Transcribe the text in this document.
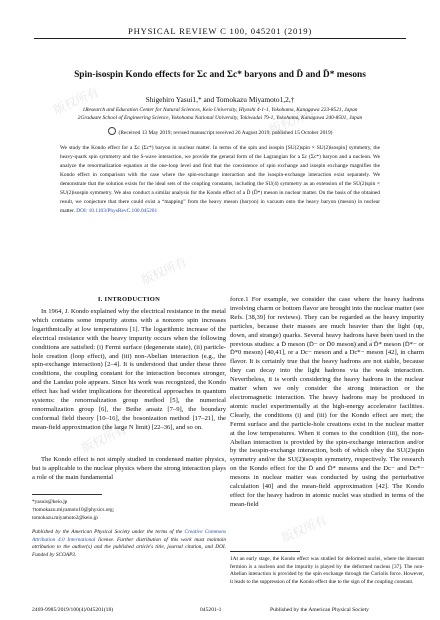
版权所有
版权所有
版权所有
版权所有
版权所有
版权所有
PHYSICAL REVIEW C 100, 045201 (2019)
Spin-isospin Kondo effects for Σc and Σc* baryons and D̄ and D̄* mesons
Shigehiro Yasui1,* and Tomokazu Miyamoto1,2,†
1Research and Education Center for Natural Sciences, Keio University, Hiyoshi 4-1-1, Yokohama, Kanagawa 223-8521, Japan
2Graduate School of Engineering Science, Yokohama National University, Tokiwadai 79-1, Yokohama, Kanagawa 240-8501, Japan
(Received 13 May 2019; revised manuscript received 26 August 2019; published 15 October 2019)

We study the Kondo effect for a Σc (Σc*) baryon in nuclear matter. In terms of the spin and isospin [SU(2)spin × SU(2)isospin] symmetry, the heavy-quark spin symmetry and the S-wave interaction, we provide the general form of the Lagrangian for a Σc (Σc*) baryon and a nucleon. We analyze the renormalization equation at the one-loop level and find that the coexistence of spin exchange and isospin exchange magnifies the Kondo effect in comparison with the case where the spin-exchange interaction and the isospin-exchange interaction exist separately. We demonstrate that the solution exists for the ideal sets of the coupling constants, including the SU(4) symmetry as an extension of the SU(2)spin × SU(2)isospin symmetry. We also conduct a similar analysis for the Kondo effect of a D̄ (D̄*) meson in nuclear matter. On the basis of the obtained result, we conjecture that there could exist a “mapping” from the heavy meson (baryon) in vacuum onto the heavy baryon (meson) in nuclear matter. DOI: 10.1103/PhysRevC.100.045201

I. INTRODUCTION

In 1964, J. Kondo explained why the electrical resistance in the metal which contains some impurity atoms with a nonzero spin increases logarithmically at low temperatures [1]. The logarithmic increase of the electrical resistance with the heavy impurity occurs when the following conditions are satisfied: (i) Fermi surface (degenerate state), (ii) particle-hole creation (loop effect), and (iii) non-Abelian interaction (e.g., the spin-exchange interaction) [2–4]. It is understood that under these three conditions, the coupling constant for the interaction becomes stronger, and the Landau pole appears. Since his work was recognized, the Kondo effect has had wider implications for theoretical approaches in quantum systems: the renormalization group method [5], the numerical renormalization group [6], the Bethe ansatz [7–9], the boundary conformal field theory [10–16], the bosonization method [17–21], the mean-field approximation (the large N limit) [22–36], and so on.

The Kondo effect is not simply studied in condensed matter physics, but is applicable to the nuclear physics where the strong interaction plays a role of the main fundamental

force.1 For example, we consider the case where the heavy hadrons involving charm or bottom flavor are brought into the nuclear matter (see Refs. [38,39] for reviews). They can be regarded as the heavy impurity particles, because their masses are much heavier than the light (up, down, and strange) quarks. Several heavy hadrons have been used in the previous studies: a D̄ meson (D̄− or D̄0 meson) and a D̄* meson (D̄*− or D̄*0 meson) [40,41], or a Dc− meson and a Dc*− meson [42], in charm flavor. It is certainly true that the heavy hadrons are not stable, because they can decay into the light hadrons via the weak interaction. Nevertheless, it is worth considering the heavy hadrons in the nuclear matter when we only consider the strong interaction or the electromagnetic interaction. The heavy hadrons may be produced in atomic nuclei experimentally at the high-energy accelerator facilities. Clearly, the conditions (i) and (iii) for the Kondo effect are met; the Fermi surface and the particle-hole creations exist in the nuclear matter at the low temperatures. When it comes to the condition (iii), the non-Abelian interaction is provided by the spin-exchange interaction and/or by the isospin-exchange interaction, both of which obey the SU(2)spin symmetry and/or the SU(2)isospin symmetry, respectively. The research on the Kondo effect for the D̄ and D̄* mesons and the Dc− and Dc*− mesons in nuclear matter was conducted by using the perturbative calculation [40] and the mean-field approximation [42]. The Kondo effect for the heavy hadron in atomic nuclei was studied in terms of the mean-field

*yasuis@keio.jp

†tomokazu.miyamoto10@physics.org;

tomokazu.miyamoto2@keio.jp

Published by the American Physical Society under the terms of the Creative Commons Attribution 4.0 International license. Further distribution of this work must maintain attribution to the author(s) and the published article's title, journal citation, and DOI. Funded by SCOAP3.

1At an early stage, the Kondo effect was studied for deformed nuclei, where the itinerant fermion is a nucleon and the impurity is played by the deformed nucleus [37]. The non-Abelian interaction is provided by the spin exchange through the Coriolis force. However, it leads to the suppression of the Kondo effect due to the sign of the coupling constant.

2469-9985/2019/100(4)/045201(18)	045201-1	Published by the American Physical Society
